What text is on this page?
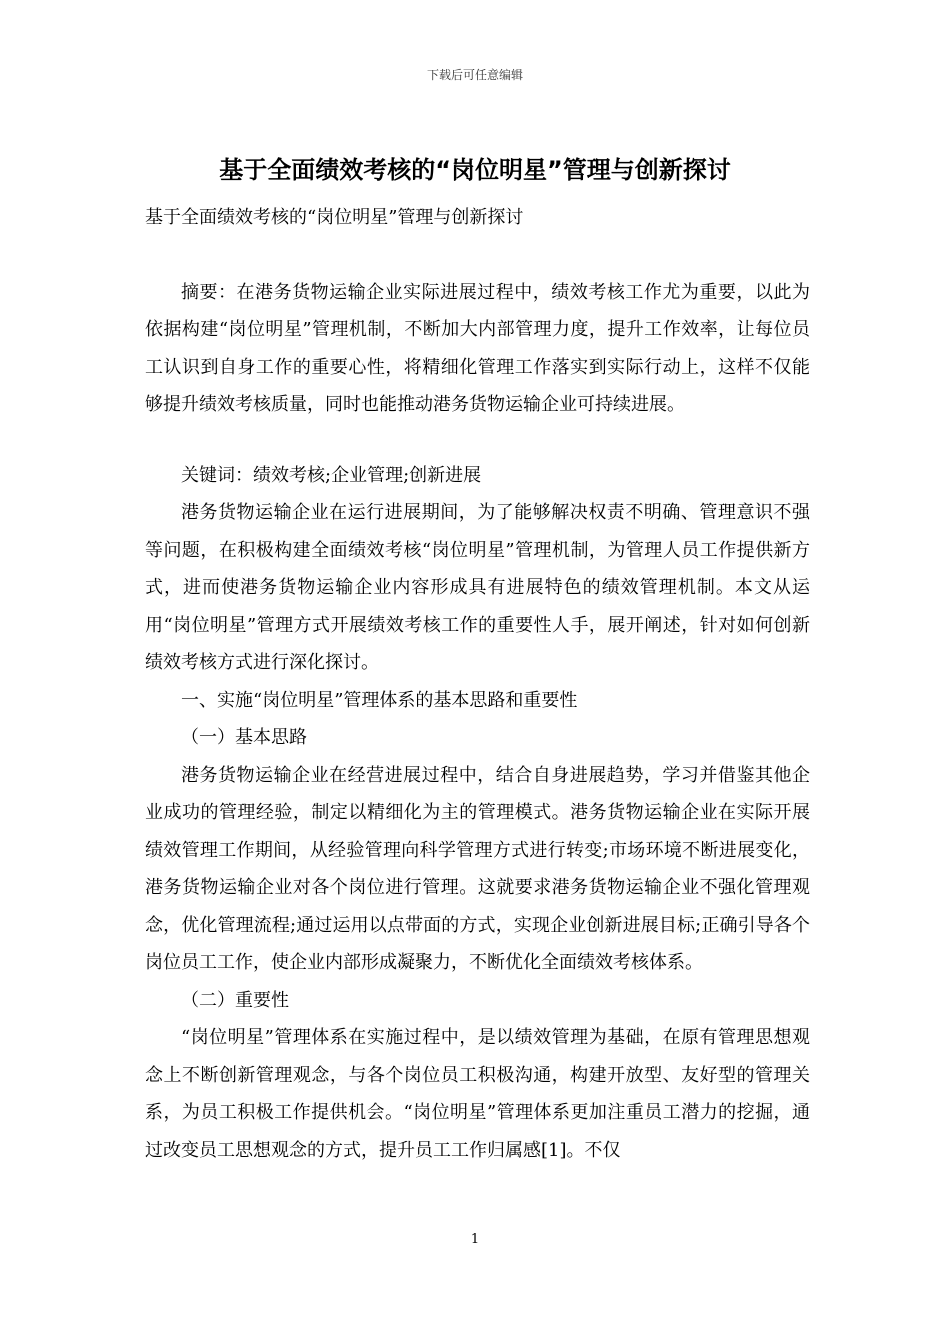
下载后可任意编辑
基于全面绩效考核的“岗位明星”管理与创新探讨

基于全面绩效考核的“岗位明星”管理与创新探讨

摘要：在港务货物运输企业实际进展过程中，绩效考核工作尤为重要，以此为依据构建“岗位明星”管理机制，不断加大内部管理力度，提升工作效率，让每位员工认识到自身工作的重要心性，将精细化管理工作落实到实际行动上，这样不仅能够提升绩效考核质量，同时也能推动港务货物运输企业可持续进展。

关键词：绩效考核;企业管理;创新进展

港务货物运输企业在运行进展期间，为了能够解决权责不明确、管理意识不强等问题，在积极构建全面绩效考核“岗位明星”管理机制，为管理人员工作提供新方式，进而使港务货物运输企业内容形成具有进展特色的绩效管理机制。本文从运用“岗位明星”管理方式开展绩效考核工作的重要性人手，展开阐述，针对如何创新绩效考核方式进行深化探讨。

一、实施“岗位明星”管理体系的基本思路和重要性

（一）基本思路

港务货物运输企业在经营进展过程中，结合自身进展趋势，学习并借鉴其他企业成功的管理经验，制定以精细化为主的管理模式。港务货物运输企业在实际开展绩效管理工作期间，从经验管理向科学管理方式进行转变;市场环境不断进展变化，港务货物运输企业对各个岗位进行管理。这就要求港务货物运输企业不强化管理观念，优化管理流程;通过运用以点带面的方式，实现企业创新进展目标;正确引导各个岗位员工工作，使企业内部形成凝聚力，不断优化全面绩效考核体系。

（二）重要性

“岗位明星”管理体系在实施过程中，是以绩效管理为基础，在原有管理思想观念上不断创新管理观念，与各个岗位员工积极沟通，构建开放型、友好型的管理关系，为员工积极工作提供机会。“岗位明星”管理体系更加注重员工潜力的挖掘，通过改变员工思想观念的方式，提升员工工作归属感[1]。不仅

1
